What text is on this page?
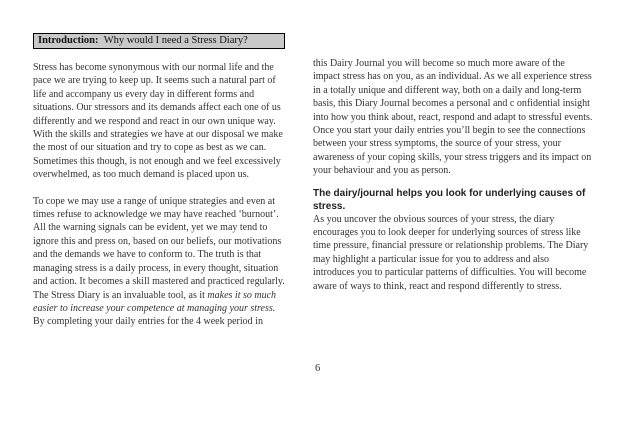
Introduction: Why would I need a Stress Diary?

Stress has become synonymous with our normal life and the pace we are trying to keep up. It seems such a natural part of life and accompany us every day in different forms and situations. Our stressors and its demands affect each one of us differently and we respond and react in our own unique way. With the skills and strategies we have at our disposal we make the most of our situation and try to cope as best as we can. Sometimes this though, is not enough and we feel excessively overwhelmed, as too much demand is placed upon us.

To cope we may use a range of unique strategies and even at times refuse to acknowledge we may have reached ‘burnout’. All the warning signals can be evident, yet we may tend to ignore this and press on, based on our beliefs, our motivations and the demands we have to conform to. The truth is that managing stress is a daily process, in every thought, situation and action. It becomes a skill mastered and practiced regularly. The Stress Diary is an invaluable tool, as it makes it so much easier to increase your competence at managing your stress.
By completing your daily entries for the 4 week period in

this Dairy Journal you will become so much more aware of the impact stress has on you, as an individual. As we all experience stress in a totally unique and different way, both on a daily and long-term basis, this Diary Journal becomes a personal and c onfidential insight into how you think about, react, respond and adapt to stressful events. Once you start your daily entries you’ll begin to see the connections between your stress symptoms, the source of your stress, your awareness of your coping skills, your stress triggers and its impact on your behaviour and you as person.

The dairy/journal helps you look for underlying causes of stress.

As you uncover the obvious sources of your stress, the diary encourages you to look deeper for underlying sources of stress like time pressure, financial pressure or relationship problems. The Diary may highlight a particular issue for you to address and also introduces you to particular patterns of difficulties. You will become aware of ways to think, react and respond differently to stress.

6
